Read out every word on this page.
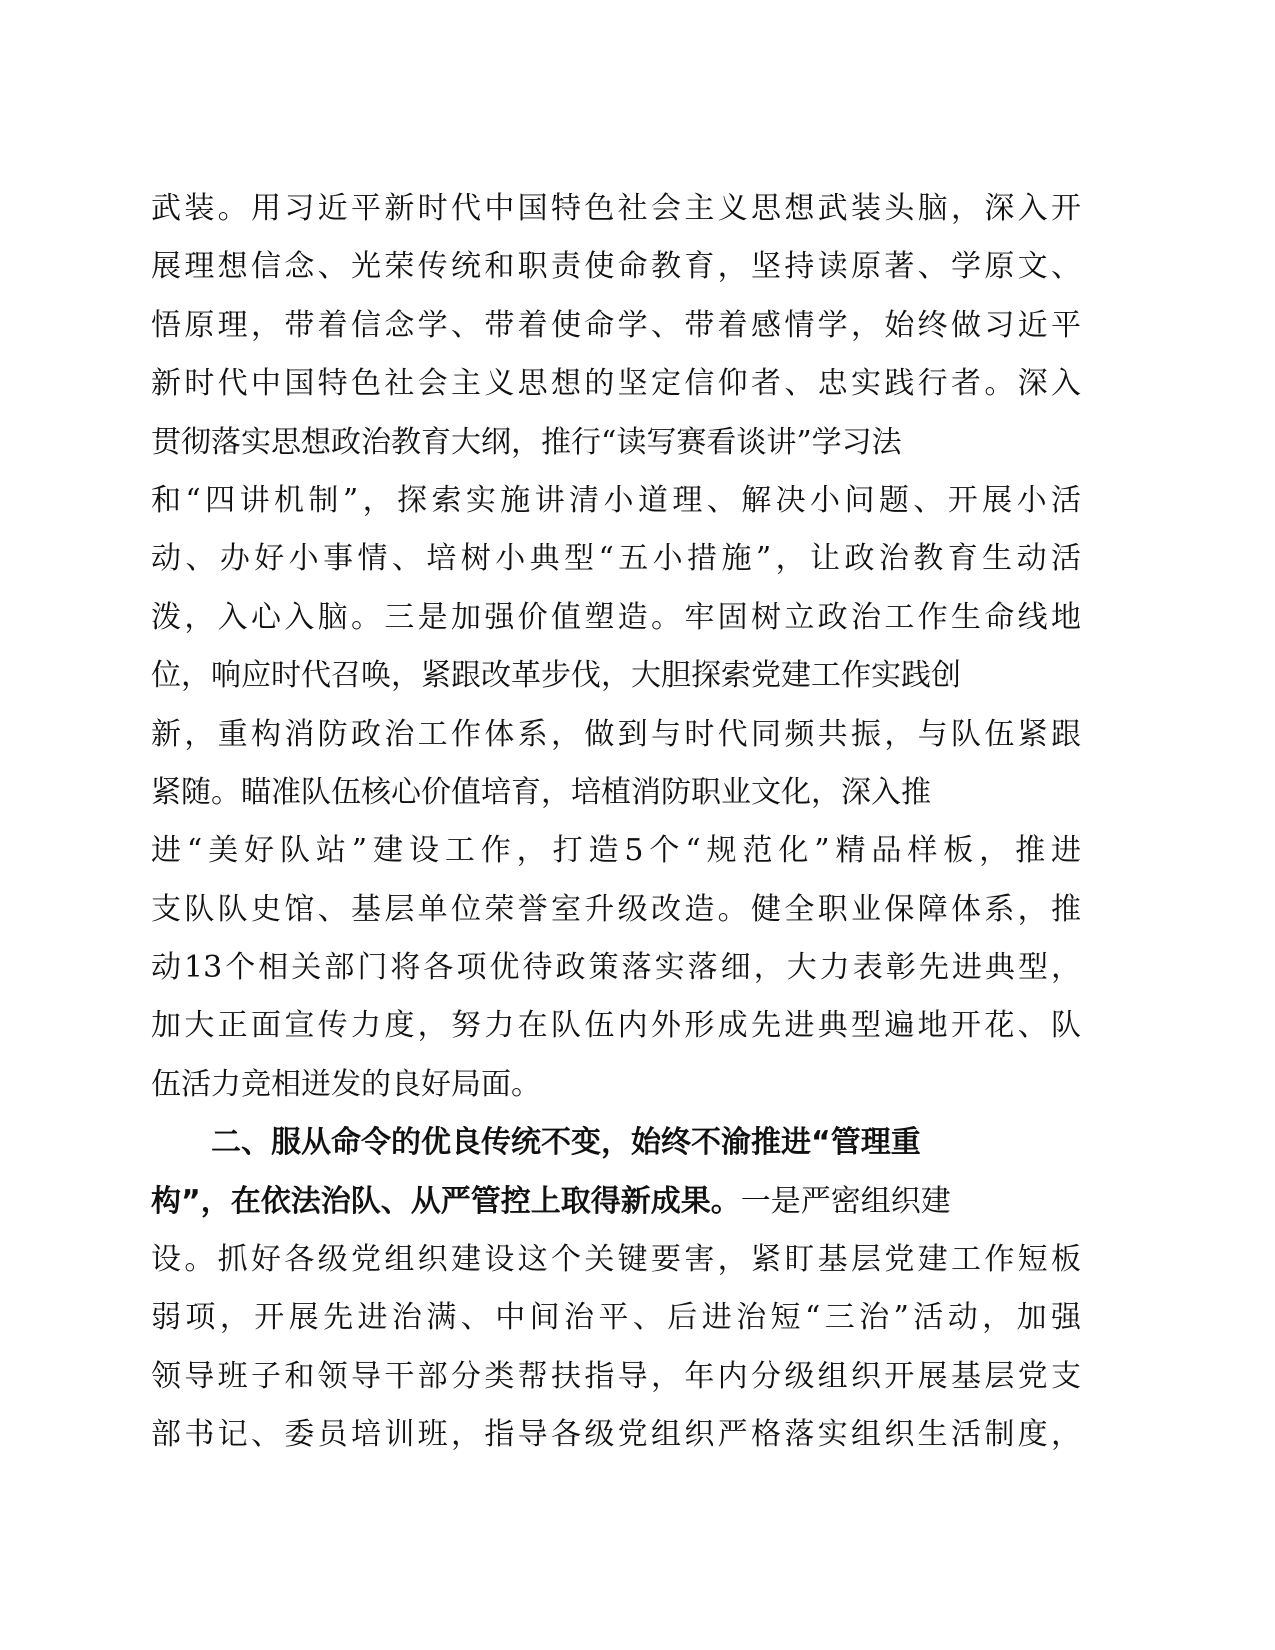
武装。用习近平新时代中国特色社会主义思想武装头脑，深入开
展理想信念、光荣传统和职责使命教育，坚持读原著、学原文、
悟原理，带着信念学、带着使命学、带着感情学，始终做习近平
新时代中国特色社会主义思想的坚定信仰者、忠实践行者。深入
贯彻落实思想政治教育大纲，推行“读写赛看谈讲”学习法
和“四讲机制”，探索实施讲清小道理、解决小问题、开展小活
动、办好小事情、培树小典型“五小措施”，让政治教育生动活
泼，入心入脑。三是加强价值塑造。牢固树立政治工作生命线地
位，响应时代召唤，紧跟改革步伐，大胆探索党建工作实践创
新，重构消防政治工作体系，做到与时代同频共振，与队伍紧跟
紧随。瞄准队伍核心价值培育，培植消防职业文化，深入推
进“美好队站”建设工作，打造5个“规范化”精品样板，推进
支队队史馆、基层单位荣誉室升级改造。健全职业保障体系，推
动13个相关部门将各项优待政策落实落细，大力表彰先进典型，
加大正面宣传力度，努力在队伍内外形成先进典型遍地开花、队
伍活力竞相迸发的良好局面。
二、服从命令的优良传统不变，始终不渝推进“管理重
构”，在依法治队、从严管控上取得新成果。一是严密组织建
设。抓好各级党组织建设这个关键要害，紧盯基层党建工作短板
弱项，开展先进治满、中间治平、后进治短“三治”活动，加强
领导班子和领导干部分类帮扶指导，年内分级组织开展基层党支
部书记、委员培训班，指导各级党组织严格落实组织生活制度，
